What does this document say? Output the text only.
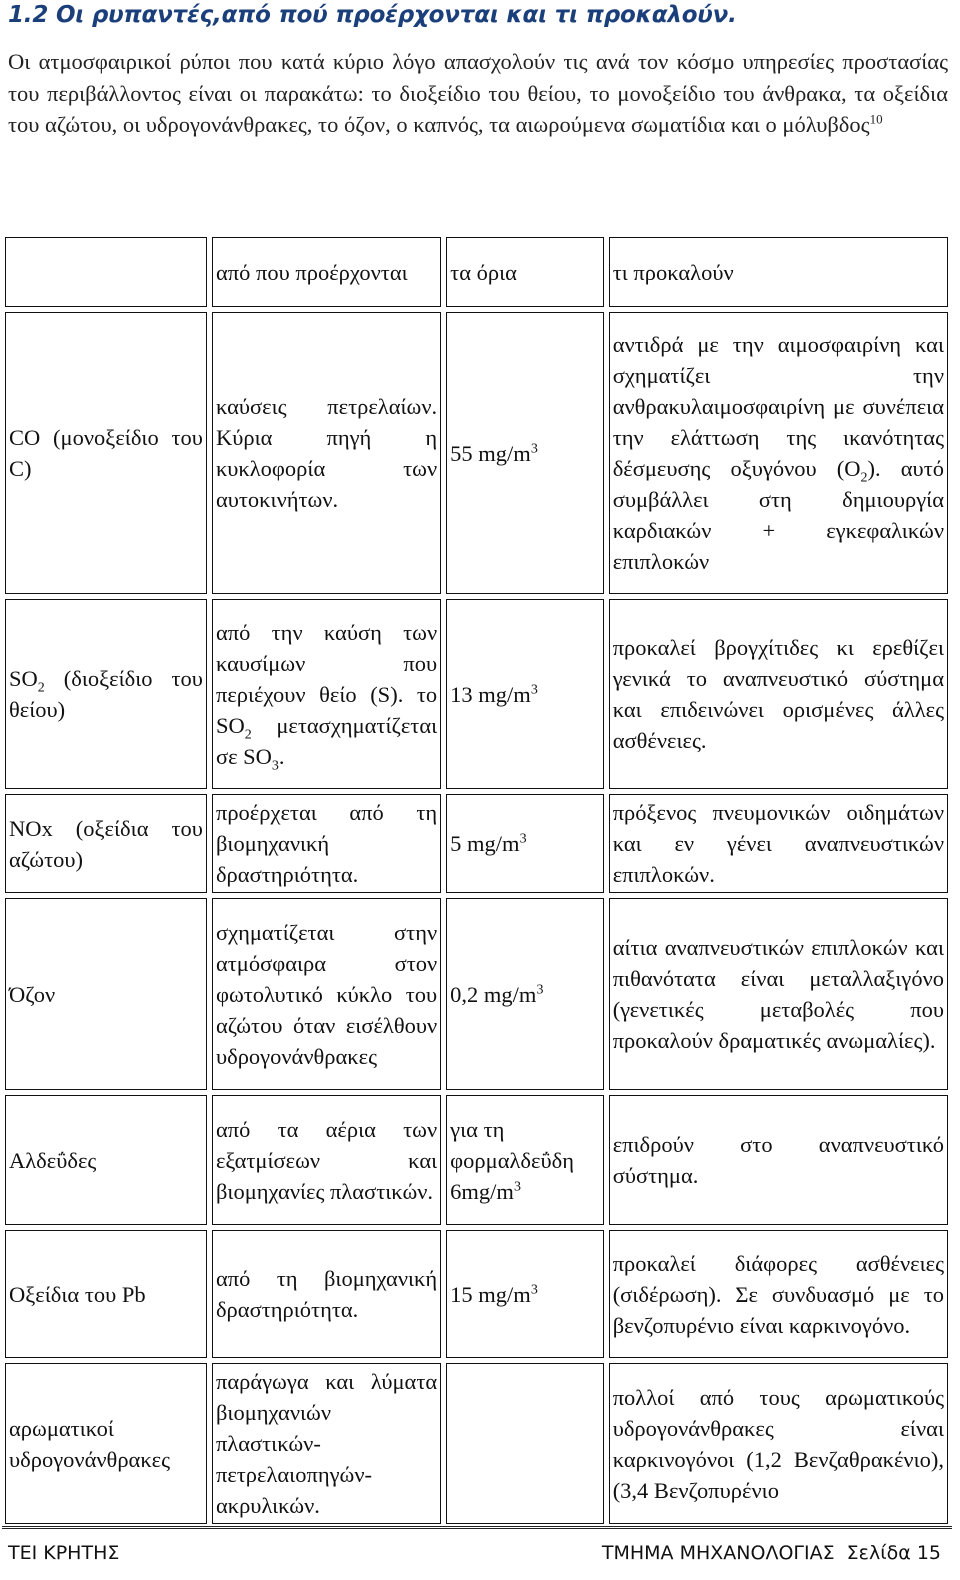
1.2 Οι ρυπαντές,από πού προέρχονται και τι προκαλούν.
Οι ατμοσφαιρικοί ρύποι που κατά κύριο λόγο απασχολούν τις ανά τον κόσμο υπηρεσίες προστασίας του περιβάλλοντος είναι οι παρακάτω: το διοξείδιο του θείου, το μονοξείδιο του άνθρακα, τα οξείδια του αζώτου, οι υδρογονάνθρακες, το όζον, ο καπνός, τα αιωρούμενα σωματίδια και ο μόλυβδος$^{10}$
	από που προέρχονται	τα όρια	τι προκαλούν
CO (μονοξείδιο του C)	καύσεις πετρελαίων. Κύρια πηγή η κυκλοφορία των αυτοκινήτων.	55 $mg/m^3$	αντιδρά με την αιμοσφαιρίνη και σχηματίζει την ανθρακυλαιμοσφαιρίνη με συνέπεια την ελάττωση της ικανότητας δέσμευσης οξυγόνου $(O_2)$. αυτό συμβάλλει στη δημιουργία καρδιακών + εγκεφαλικών επιπλοκών
$SO_2$ (διοξείδιο του θείου)	από την καύση των καυσίμων που περιέχουν θείο (S). το $SO_2$ μετασχηματίζεται σε $SO_3$.	13 $mg/m^3$	προκαλεί βρογχίτιδες κι ερεθίζει γενικά το αναπνευστικό σύστημα και επιδεινώνει ορισμένες άλλες ασθένειες.
NOx (οξείδια του αζώτου)	προέρχεται από τη βιομηχανική δραστηριότητα.	5 $mg/m^3$	πρόξενος πνευμονικών οιδημάτων και εν γένει αναπνευστικών επιπλοκών.
Όζον	σχηματίζεται στην ατμόσφαιρα στον φωτολυτικό κύκλο του αζώτου όταν εισέλθουν υδρογονάνθρακες	0,2 $mg/m^3$	αίτια αναπνευστικών επιπλοκών και πιθανότατα είναι μεταλλαξιγόνο (γενετικές μεταβολές που προκαλούν δραματικές ανωμαλίες).
Αλδεΰδες	από τα αέρια των εξατμίσεων και βιομηχανίες πλαστικών.	για τη φορμαλδεΰδη $6mg/m^3$	επιδρούν στο αναπνευστικό σύστημα.
Οξείδια του Pb	από τη βιομηχανική δραστηριότητα.	15 $mg/m^3$	προκαλεί διάφορες ασθένειες (σιδέρωση). Σε συνδυασμό με το βενζοπυρένιο είναι καρκινογόνο.
αρωματικοί υδρογονάνθρακες	παράγωγα και λύματα βιομηχανιών πλαστικών-πετρελαιοπηγών-ακρυλικών.		πολλοί από τους αρωματικούς υδρογονάνθρακες είναι καρκινογόνοι (1,2 Βενζαθρακένιο), (3,4 Βενζοπυρένιο
ΤΕΙ ΚΡΗΤΗΣ	ΤΜΗΜΑ ΜΗΧΑΝΟΛΟΓΙΑΣ  Σελίδα 15
